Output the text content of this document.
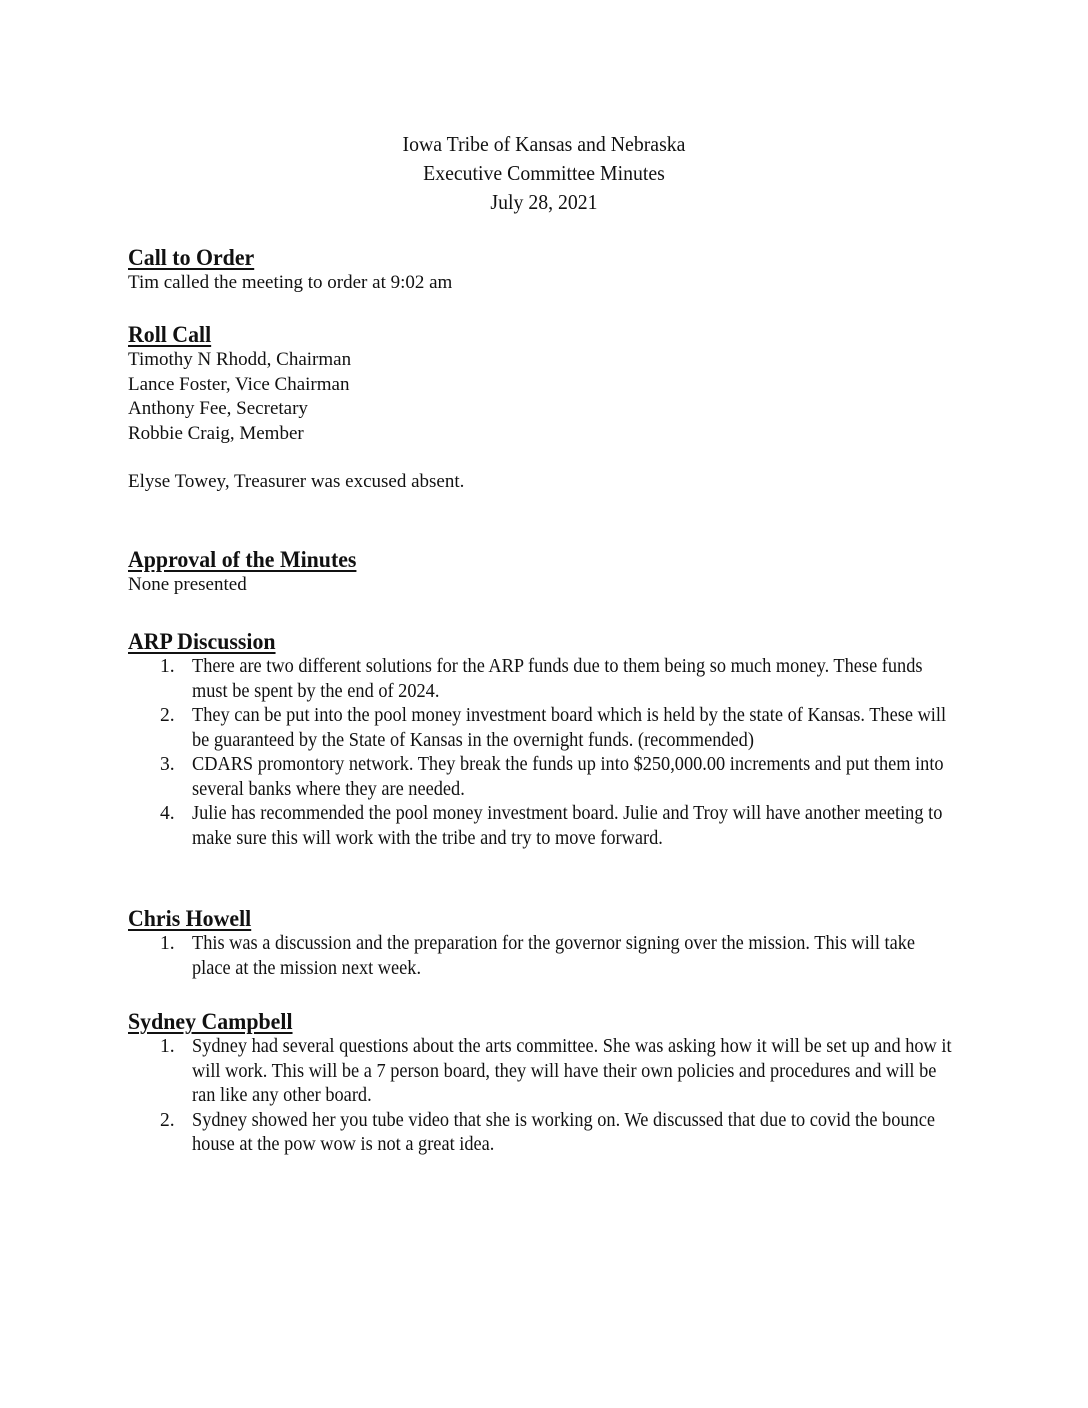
Iowa Tribe of Kansas and Nebraska
Executive Committee Minutes
July 28, 2021
Call to Order
Tim called the meeting to order at 9:02 am
Roll Call
Timothy N Rhodd, Chairman
Lance Foster, Vice Chairman
Anthony Fee, Secretary
Robbie Craig, Member
Elyse Towey, Treasurer was excused absent.
Approval of the Minutes
None presented
ARP Discussion
1. There are two different solutions for the ARP funds due to them being so much money. These funds must be spent by the end of 2024.
2. They can be put into the pool money investment board which is held by the state of Kansas. These will be guaranteed by the State of Kansas in the overnight funds. (recommended)
3. CDARS promontory network. They break the funds up into $250,000.00 increments and put them into several banks where they are needed.
4. Julie has recommended the pool money investment board. Julie and Troy will have another meeting to make sure this will work with the tribe and try to move forward.
Chris Howell
1. This was a discussion and the preparation for the governor signing over the mission. This will take place at the mission next week.
Sydney Campbell
1. Sydney had several questions about the arts committee. She was asking how it will be set up and how it will work. This will be a 7 person board, they will have their own policies and procedures and will be ran like any other board.
2. Sydney showed her you tube video that she is working on. We discussed that due to covid the bounce house at the pow wow is not a great idea.
